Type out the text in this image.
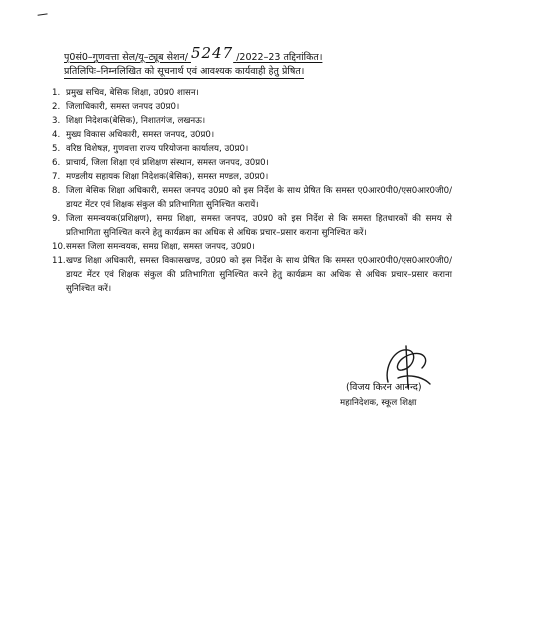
पृ0सं0–गुणवत्ता सेल/यू–ट्यूब सेशन/ 5247 /2022–23 तद्दिनांकित।
प्रतिलिपिः–निम्नलिखित को सूचनार्थ एवं आवश्यक कार्यवाही हेतु प्रेषित।
1. प्रमुख सचिव, बेसिक शिक्षा, उ0प्र0 शासन।
2. जिलाधिकारी, समस्त जनपद उ0प्र0।
3. शिक्षा निदेशक(बेसिक), निशातगंज, लखनऊ।
4. मुख्य विकास अधिकारी, समस्त जनपद, उ0प्र0।
5. वरिष्ठ विशेषज्ञ, गुणवत्ता राज्य परियोजना कार्यालय, उ0प्र0।
6. प्राचार्य, जिला शिक्षा एवं प्रशिक्षण संस्थान, समस्त जनपद, उ0प्र0।
7. मण्डलीय सहायक शिक्षा निदेशक(बेसिक), समस्त मण्डल, उ0प्र0।
8. जिला बेसिक शिक्षा अधिकारी, समस्त जनपद उ0प्र0 को इस निर्देश के साथ प्रेषित कि समस्त ए0आर0पी0/एस0आर0जी0/डायट मेंटर एवं शिक्षक संकुल की प्रतिभागिता सुनिश्चित करायें।
9. जिला समन्वयक(प्रशिक्षण), समग्र शिक्षा, समस्त जनपद, उ0प्र0 को इस निर्देश से कि समस्त हितधारकों की समय से प्रतिभागिता सुनिश्चित करने हेतु कार्यक्रम का अधिक से अधिक प्रचार–प्रसार कराना सुनिश्चित करें।
10. समस्त जिला समन्वयक, समग्र शिक्षा, समस्त जनपद, उ0प्र0।
11. खण्ड शिक्षा अधिकारी, समस्त विकासखण्ड, उ0प्र0 को इस निर्देश के साथ प्रेषित कि समस्त ए0आर0पी0/एस0आर0जी0/डायट मेंटर एवं शिक्षक संकुल की प्रतिभागिता सुनिश्चित करने हेतु कार्यक्रम का अधिक से अधिक प्रचार–प्रसार कराना सुनिश्चित करें।
(विजय किरन आनन्द)
महानिदेशक, स्कूल शिक्षा
